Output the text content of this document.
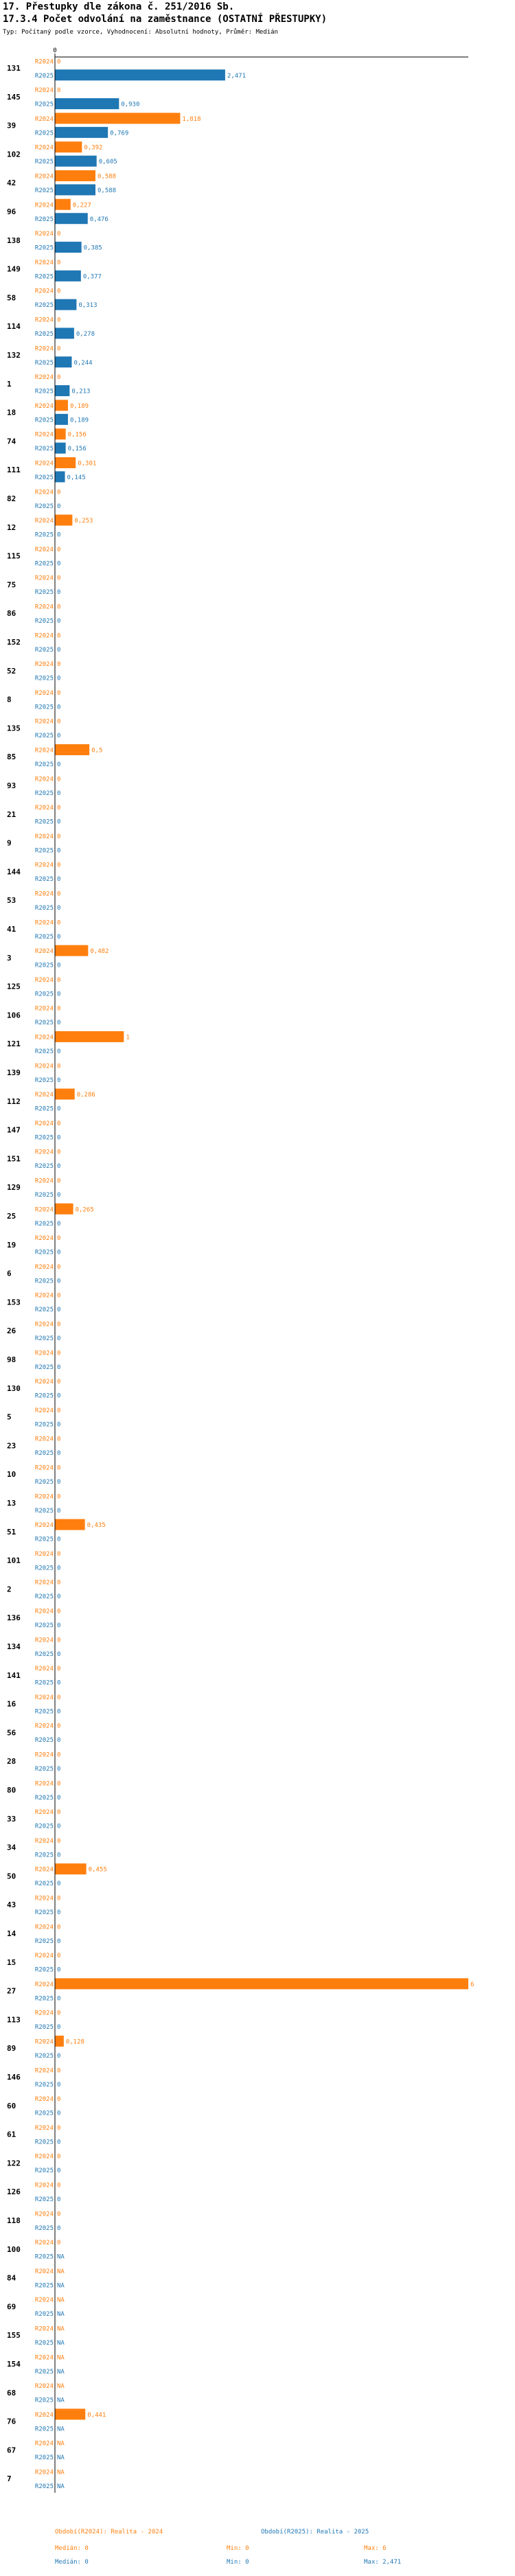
17. Přestupky dle zákona č. 251/2016 Sb.
17.3.4 Počet odvolání na zaměstnance (OSTATNÍ PŘESTUPKY)
Typ: Počítaný podle vzorce, Vyhodnocení: Absolutní hodnoty, Průměr: Medián
0
131
R2024 0
R2025	2,471
145
R2024 0
R2025	0,930
39
R2024	1,818
R2025	0,769
102
R2024	0,392
R2025	0,605
42
R2024	0,588
R2025	0,588
96
R2024	0,227
R2025	0,476
138
R2024 0
R2025	0,385
149
R2024 0
R2025	0,377
58
R2024 0
R2025	0,313
114
R2024 0
R2025	0,278
132
R2024 0
R2025	0,244
1
R2024 0
R2025	0,213
18
R2024	0,189
R2025	0,189
74
R2024 0,156
R2025 0,156
111
R2024	0,301
R2025 0,145
82
R2024 0
R2025 0
12
R2024	0,253
R2025 0
115
R2024 0
R2025 0
75
R2024 0
R2025 0
86
R2024 0
R2025 0
152
R2024 0
R2025 0
52
R2024 0
R2025 0
8
R2024 0
R2025 0
135
R2024 0
R2025 0
85
R2024	0,5
R2025 0
93
R2024 0
R2025 0
21
R2024 0
R2025 0
9
R2024 0
R2025 0
144
R2024 0
R2025 0
53
R2024 0
R2025 0
41
R2024 0
R2025 0
3
R2024	0,482
R2025 0
125
R2024 0
R2025 0
106
R2024 0
R2025 0
121
R2024	1
R2025 0
139
R2024 0
R2025 0
112
R2024	0,286
R2025 0
147
R2024 0
R2025 0
151
R2024 0
R2025 0
129
R2024 0
R2025 0
25
R2024	0,265
R2025 0
19
R2024 0
R2025 0
6
R2024 0
R2025 0
153
R2024 0
R2025 0
26
R2024 0
R2025 0
98
R2024 0
R2025 0
130
R2024 0
R2025 0
5
R2024 0
R2025 0
23
R2024 0
R2025 0
10
R2024 0
R2025 0
13
R2024 0
R2025 0
51
R2024	0,435
R2025 0
101
R2024 0
R2025 0
2
R2024 0
R2025 0
136
R2024 0
R2025 0
134
R2024 0
R2025 0
141
R2024 0
R2025 0
16
R2024 0
R2025 0
56
R2024 0
R2025 0
28
R2024 0
R2025 0
80
R2024 0
R2025 0
33
R2024 0
R2025 0
34
R2024 0
R2025 0
50
R2024	0,455
R2025 0
43
R2024 0
R2025 0
14
R2024 0
R2025 0
15
R2024 0
R2025 0
27
R2024	6
R2025 0
113
R2024 0
R2025 0
89
R2024 0,128
R2025 0
146
R2024 0
R2025 0
60
R2024 0
R2025 0
61
R2024 0
R2025 0
122
R2024 0
R2025 0
126
R2024 0
R2025 0
118
R2024 0
R2025 0
100
R2024 0
R2025 NA
84
R2024 NA
R2025 NA
69
R2024 NA
R2025 NA
155
R2024 NA
R2025 NA
154
R2024 NA
R2025 NA
68
R2024 NA
R2025 NA
76
R2024	0,441
R2025 NA
67
R2024 NA
R2025 NA
7
R2024 NA
R2025 NA
Období(R2024): Realita - 2024	Období(R2025): Realita - 2025
Medián: 0	Min: 0	Max: 6
Medián: 0	Min: 0	Max: 2,471
